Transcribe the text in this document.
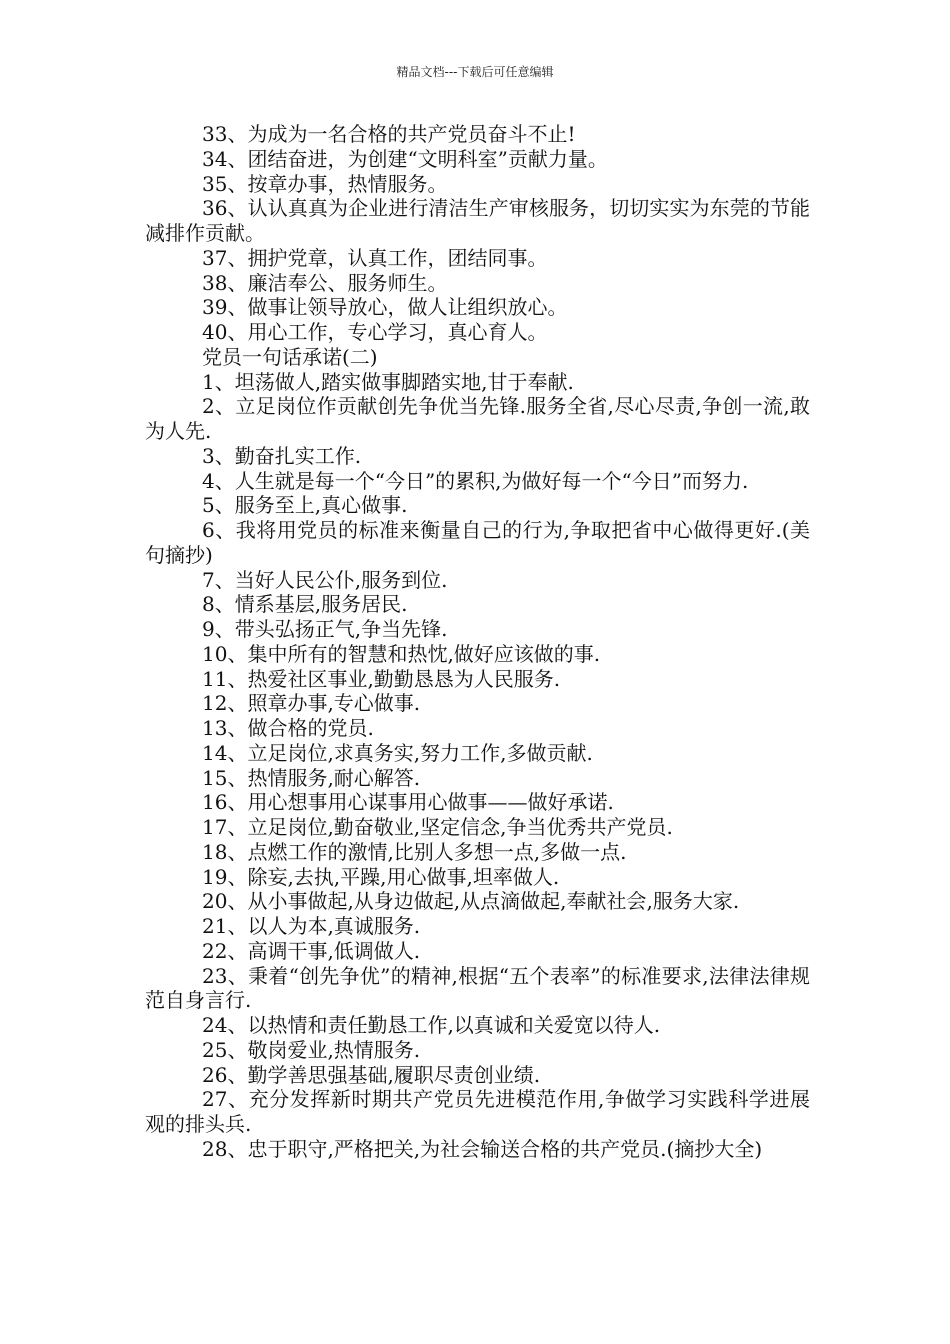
精品文档---下载后可任意编辑

33、为成为一名合格的共产党员奋斗不止!

34、团结奋进，为创建“文明科室”贡献力量。

35、按章办事，热情服务。

36、认认真真为企业进行清洁生产审核服务，切切实实为东莞的节能减排作贡献。

37、拥护党章，认真工作，团结同事。

38、廉洁奉公、服务师生。

39、做事让领导放心，做人让组织放心。

40、用心工作，专心学习，真心育人。

党员一句话承诺(二)

1、坦荡做人,踏实做事脚踏实地,甘于奉献.

2、立足岗位作贡献创先争优当先锋.服务全省,尽心尽责,争创一流,敢为人先.

3、勤奋扎实工作.

4、人生就是每一个“今日”的累积,为做好每一个“今日”而努力.

5、服务至上,真心做事.

6、我将用党员的标准来衡量自己的行为,争取把省中心做得更好.(美句摘抄)

7、当好人民公仆,服务到位.

8、情系基层,服务居民.

9、带头弘扬正气,争当先锋.

10、集中所有的智慧和热忱,做好应该做的事.

11、热爱社区事业,勤勤恳恳为人民服务.

12、照章办事,专心做事.

13、做合格的党员.

14、立足岗位,求真务实,努力工作,多做贡献.

15、热情服务,耐心解答.

16、用心想事用心谋事用心做事——做好承诺.

17、立足岗位,勤奋敬业,坚定信念,争当优秀共产党员.

18、点燃工作的激情,比别人多想一点,多做一点.

19、除妄,去执,平躁,用心做事,坦率做人.

20、从小事做起,从身边做起,从点滴做起,奉献社会,服务大家.

21、以人为本,真诚服务.

22、高调干事,低调做人.

23、秉着“创先争优”的精神,根据“五个表率”的标准要求,法律法律规范自身言行.

24、以热情和责任勤恳工作,以真诚和关爱宽以待人.

25、敬岗爱业,热情服务.

26、勤学善思强基础,履职尽责创业绩.

27、充分发挥新时期共产党员先进模范作用,争做学习实践科学进展观的排头兵.

28、忠于职守,严格把关,为社会输送合格的共产党员.(摘抄大全)
